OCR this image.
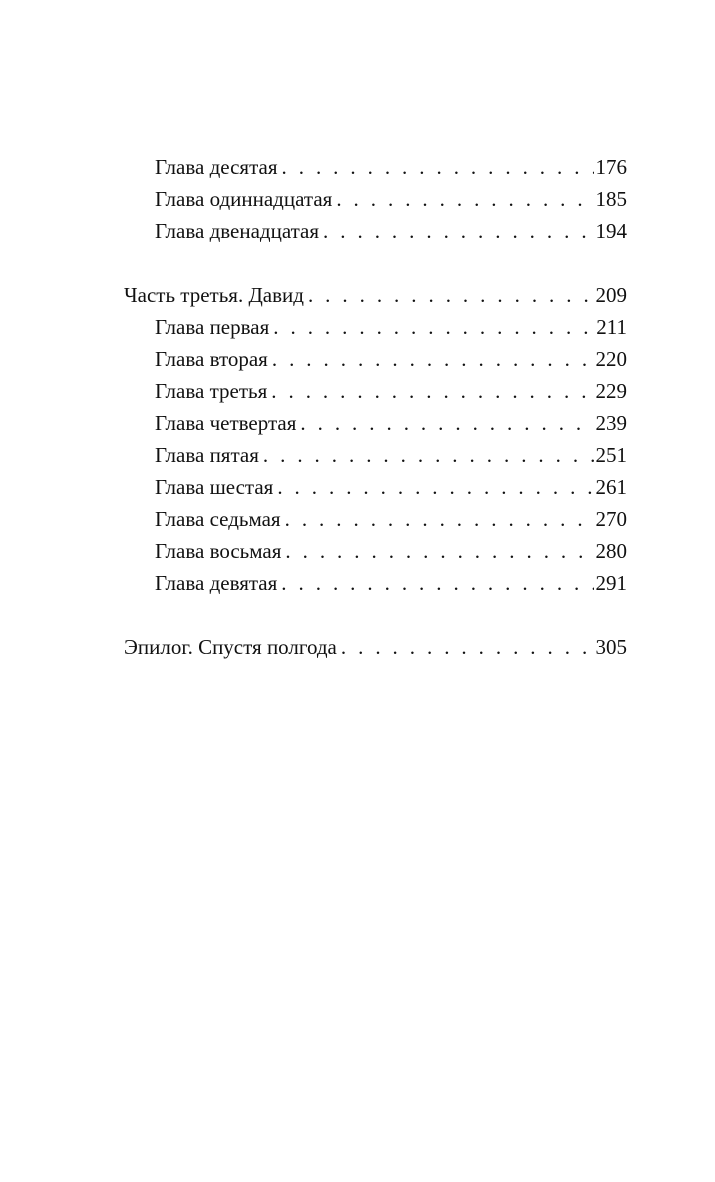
Глава десятая . . .	176
Глава одиннадцатая . . .	185
Глава двенадцатая . . .	194
Часть третья. Давид . . .	209
Глава первая . . .	211
Глава вторая . . .	220
Глава третья . . .	229
Глава четвертая . . .	239
Глава пятая . . .	251
Глава шестая . . .	261
Глава седьмая . . .	270
Глава восьмая . . .	280
Глава девятая . . .	291
Эпилог. Спустя полгода . . .	305
